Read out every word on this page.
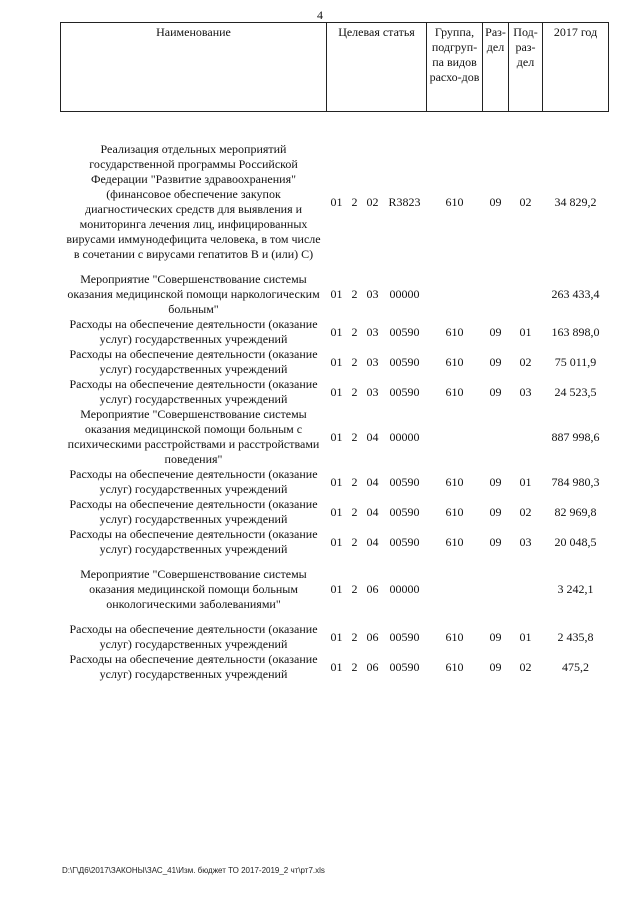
4
Наименование	Целевая статья				Группа, подгруп-па видов расхо-дов	Раз-дел	Под-раз-дел	2017 год

Реализация отдельных мероприятий государственной программы Российской Федерации "Развитие здравоохранения" (финансовое обеспечение закупок диагностических средств для выявления и мониторинга лечения лиц, инфицированных вирусами иммунодефицита человека, в том числе в сочетании с вирусами гепатитов В и (или) С)	01	2	02	R3823	610	09	02	34 829,2

Мероприятие "Совершенствование системы оказания медицинской помощи наркологическим больным"	01	2	03	00000				263 433,4
Расходы на обеспечение деятельности (оказание услуг) государственных учреждений	01	2	03	00590	610	09	01	163 898,0
Расходы на обеспечение деятельности (оказание услуг) государственных учреждений	01	2	03	00590	610	09	02	75 011,9
Расходы на обеспечение деятельности (оказание услуг) государственных учреждений	01	2	03	00590	610	09	03	24 523,5
Мероприятие "Совершенствование системы оказания медицинской помощи больным с психическими расстройствами и расстройствами поведения"	01	2	04	00000				887 998,6
Расходы на обеспечение деятельности (оказание услуг) государственных учреждений	01	2	04	00590	610	09	01	784 980,3
Расходы на обеспечение деятельности (оказание услуг) государственных учреждений	01	2	04	00590	610	09	02	82 969,8
Расходы на обеспечение деятельности (оказание услуг) государственных учреждений	01	2	04	00590	610	09	03	20 048,5

Мероприятие "Совершенствование системы оказания медицинской помощи больным онкологическими заболеваниями"	01	2	06	00000				3 242,1

Расходы на обеспечение деятельности (оказание услуг) государственных учреждений	01	2	06	00590	610	09	01	2 435,8
Расходы на обеспечение деятельности (оказание услуг) государственных учреждений	01	2	06	00590	610	09	02	475,2
D:\Г\Д6\2017\ЗАКОНЫ\ЗАС_41\Изм. бюджет ТО 2017-2019_2 чт\рт7.xls
